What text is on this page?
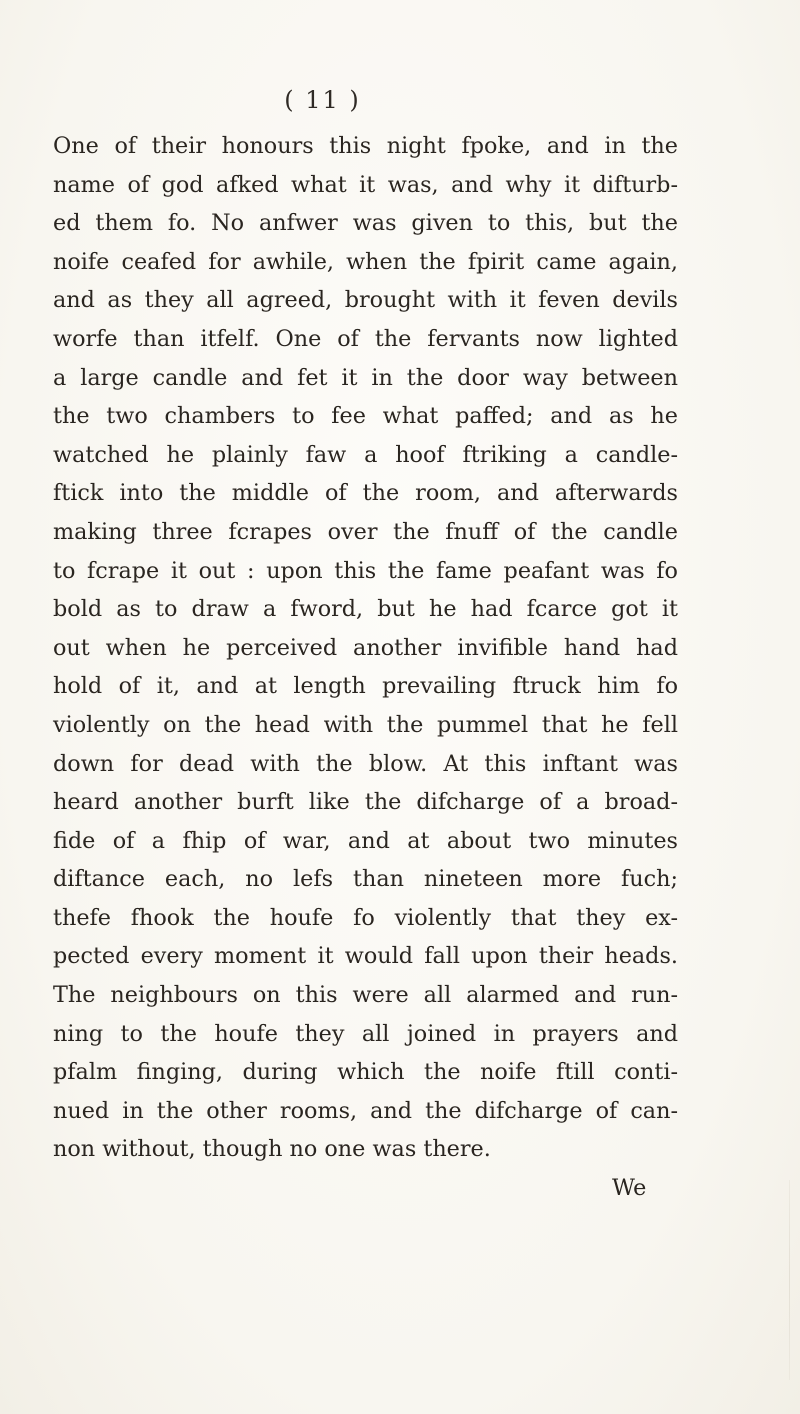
( 11 )
One of their honours this night fpoke, and in the
name of god afked what it was, and why it difturb-
ed them fo. No anfwer was given to this, but the
noife ceafed for awhile, when the fpirit came again,
and as they all agreed, brought with it feven devils
worfe than itfelf. One of the fervants now lighted
a large candle and fet it in the door way between
the two chambers to fee what paffed; and as he
watched he plainly faw a hoof ftriking a candle-
ftick into the middle of the room, and afterwards
making three fcrapes over the fnuff of the candle
to fcrape it out : upon this the fame peafant was fo
bold as to draw a fword, but he had fcarce got it
out when he perceived another invifible hand had
hold of it, and at length prevailing ftruck him fo
violently on the head with the pummel that he fell
down for dead with the blow. At this inftant was
heard another burft like the difcharge of a broad-
fide of a fhip of war, and at about two minutes
diftance each, no lefs than nineteen more fuch;
thefe fhook the houfe fo violently that they ex-
pected every moment it would fall upon their heads.
The neighbours on this were all alarmed and run-
ning to the houfe they all joined in prayers and
pfalm finging, during which the noife ftill conti-
nued in the other rooms, and the difcharge of can-
non without, though no one was there.
We
